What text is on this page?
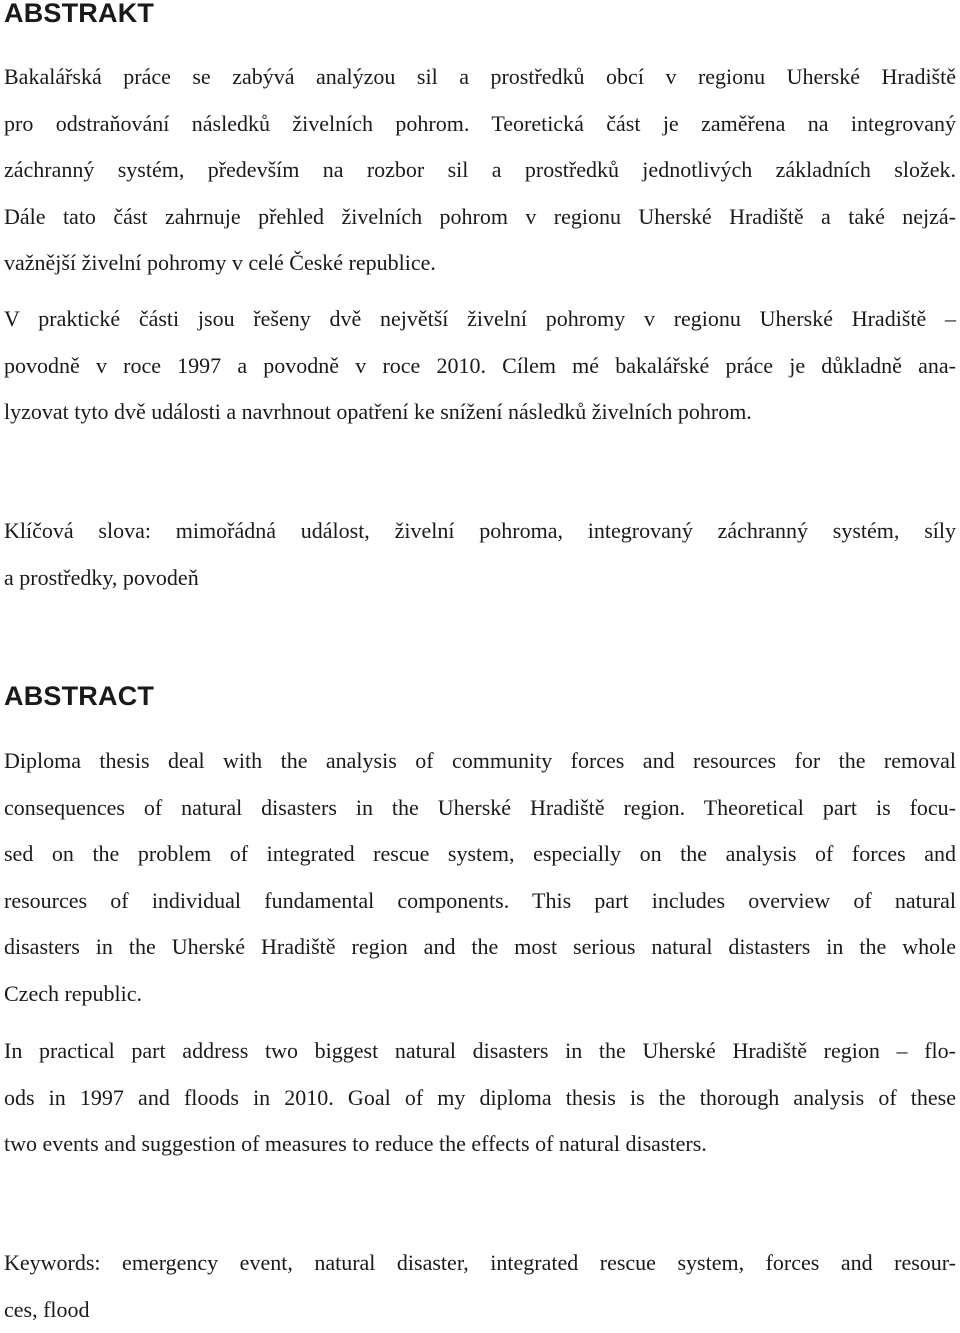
ABSTRAKT

Bakalářská práce se zabývá analýzou sil a prostředků obcí v regionu Uherské Hradiště
pro odstraňování následků živelních pohrom. Teoretická část je zaměřena na integrovaný
záchranný systém, především na rozbor sil a prostředků jednotlivých základních složek.
Dále tato část zahrnuje přehled živelních pohrom v regionu Uherské Hradiště a také nejzá-
važnější živelní pohromy v celé České republice.

V praktické části jsou řešeny dvě největší živelní pohromy v regionu Uherské Hradiště –
povodně v roce 1997 a povodně v roce 2010. Cílem mé bakalářské práce je důkladně ana-
lyzovat tyto dvě události a navrhnout opatření ke snížení následků živelních pohrom.

Klíčová slova: mimořádná událost, živelní pohroma, integrovaný záchranný systém, síly
a prostředky, povodeň

ABSTRACT

Diploma thesis deal with the analysis of community forces and resources for the removal
consequences of natural disasters in the Uherské Hradiště region. Theoretical part is focu-
sed on the problem of integrated rescue system, especially on the analysis of forces and
resources of individual fundamental components. This part includes overview of natural
disasters in the Uherské Hradiště region and the most serious natural distasters in the whole
Czech republic.

In practical part address two biggest natural disasters in the Uherské Hradiště region – flo-
ods in 1997 and floods in 2010. Goal of my diploma thesis is the thorough analysis of these
two events and suggestion of measures to reduce the effects of natural disasters.

Keywords: emergency event, natural disaster, integrated rescue system, forces and resour-
ces, flood
